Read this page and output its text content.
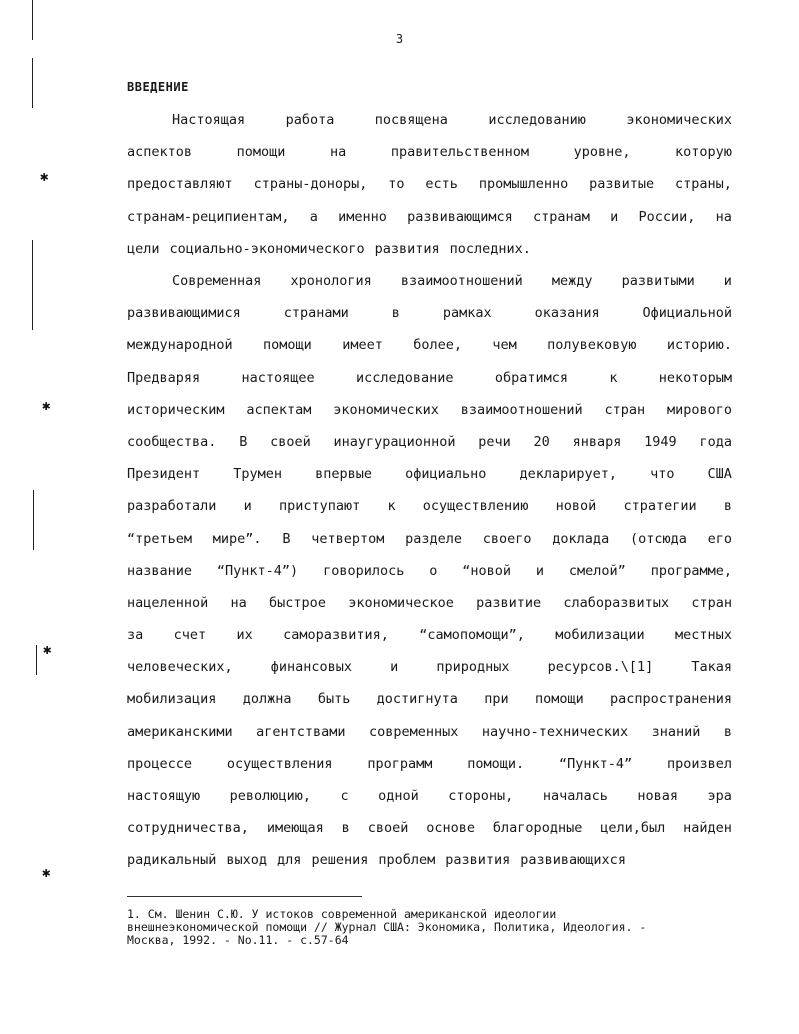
✱
✱
✱
✱
3
ВВЕДЕНИЕ
Настоящая	работа	посвящена	исследованию	экономических
аспектов	помощи	на	правительственном	уровне,	которую
предоставляют страны-доноры, то есть промышленно развитые страны,
странам-реципиентам, а именно развивающимся странам и России, на
цели социально-экономического развития последних.
Современная хронология взаимоотношений между развитыми и
развивающимися	странами	в	рамках	оказания	Официальной
международной помощи имеет более, чем полувековую историю.
Предваряя	настоящее	исследование	обратимся	к	некоторым
историческим аспектам экономических взаимоотношений стран мирового
сообщества. В своей инаугурационной речи 20 января 1949 года
Президент Трумен впервые официально декларирует, что США
разработали и приступают к осуществлению новой стратегии в
“третьем мире”. В четвертом разделе своего доклада (отсюда его
название “Пункт-4”) говорилось о “новой и смелой” программе,
нацеленной на быстрое экономическое развитие слаборазвитых стран
за счет их саморазвития, “самопомощи”, мобилизации местных
человеческих,	финансовых	и	природных	ресурсов.\[1]	Такая
мобилизация должна быть достигнута при помощи распространения
американскими агентствами современных научно-технических знаний в
процессе	осуществления	программ	помощи.	“Пункт-4”	произвел
настоящую революцию, с одной стороны, началась новая эра
сотрудничества, имеющая в своей основе благородные цели,был найден
радикальный выход для решения проблем развития развивающихся
1. См. Шенин С.Ю. У истоков современной американской идеологии
внешнеэкономической помощи // Журнал США: Экономика, Политика, Идеология. -
Москва, 1992. - No.11. - с.57-64
